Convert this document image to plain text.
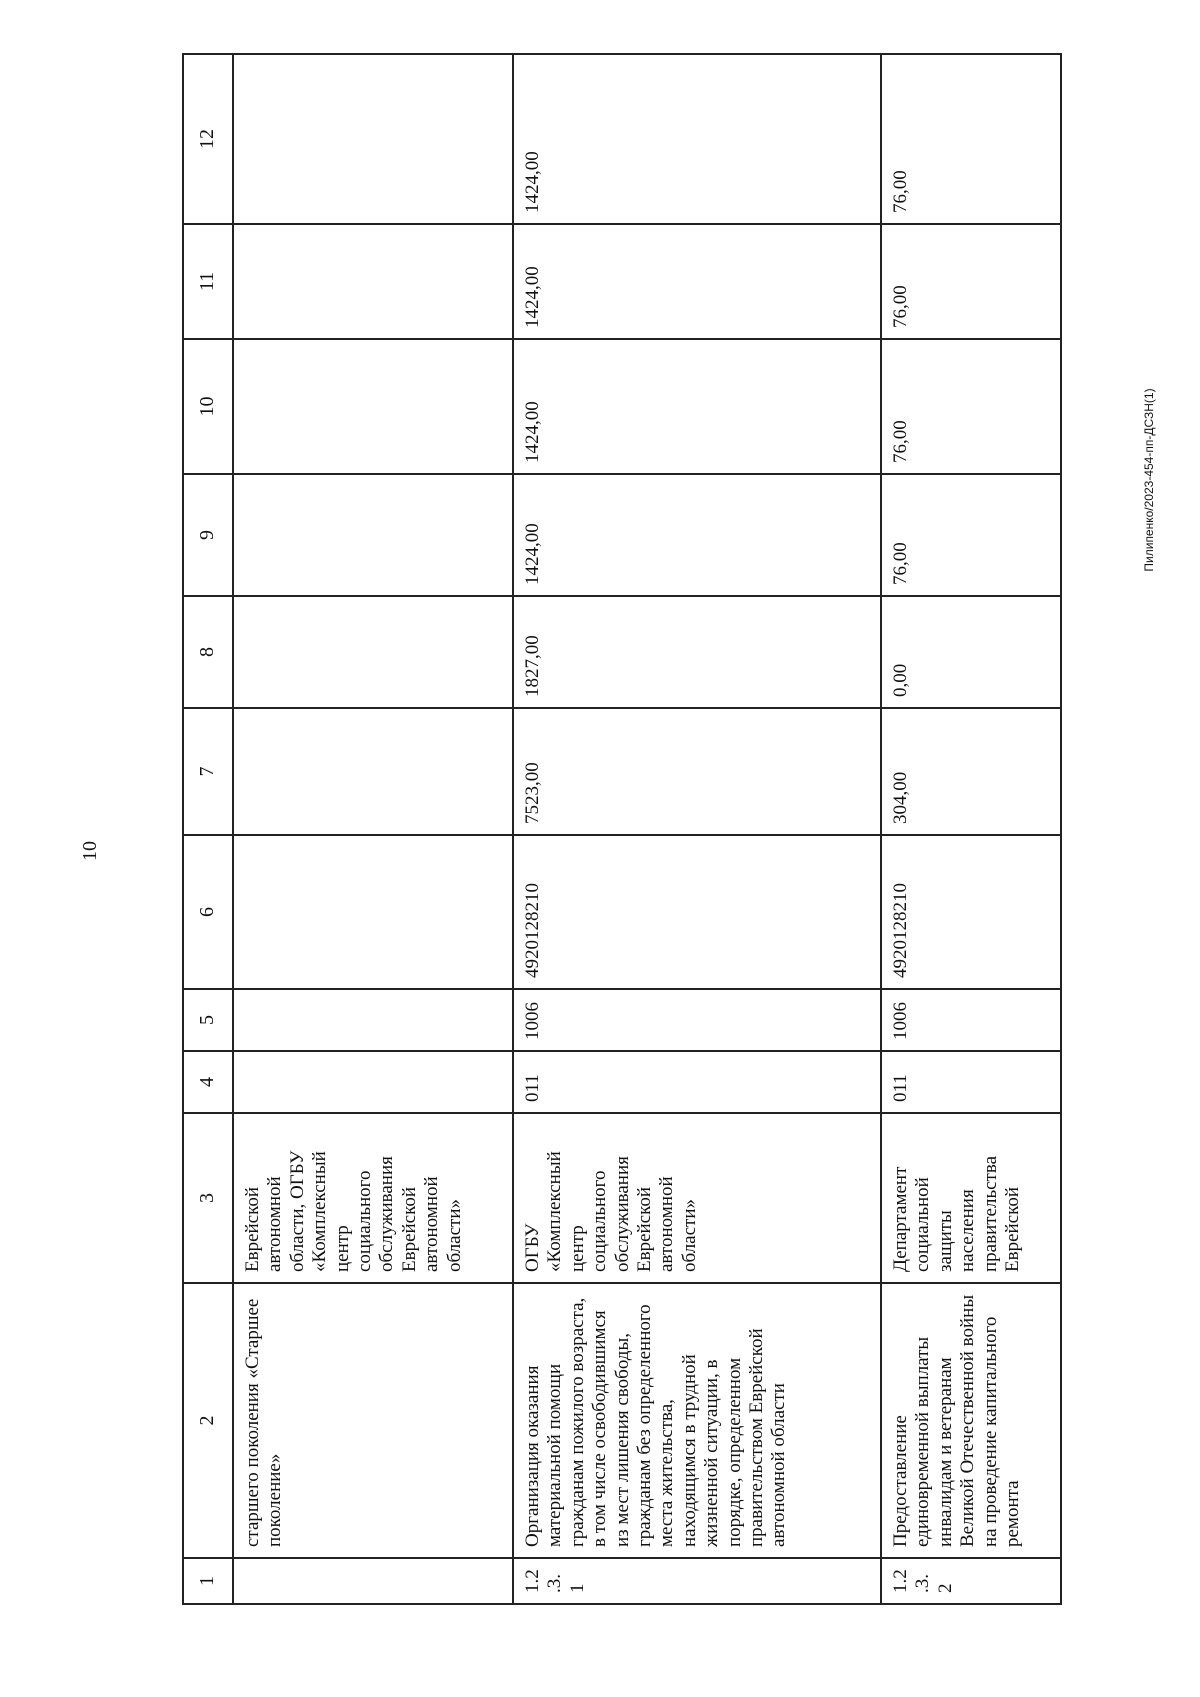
10
1	2	3	4	5	6	7	8	9	10	11	12
	старшего поколения «Старшее поколение»	Еврейской автономной области, ОГБУ «Комплексный центр социального обслуживания Еврейской автономной области»									
1.2.3.1	Организация оказания материальной помощи гражданам пожилого возраста, в том числе освободившимся из мест лишения свободы, гражданам без определенного места жительства, находящимся в трудной жизненной ситуации, в порядке, определенном правительством Еврейской автономной области	ОГБУ «Комплексный центр социального обслуживания Еврейской автономной области»	011	1006	4920128210	7523,00	1827,00	1424,00	1424,00	1424,00	1424,00
1.2.3.2	Предоставление единовременной выплаты инвалидам и ветеранам Великой Отечественной войны на проведение капитального ремонта	Департамент социальной защиты населения правительства Еврейской	011	1006	4920128210	304,00	0,00	76,00	76,00	76,00	76,00
Пилипенко/2023-454-пп-ДСЗН(1)
